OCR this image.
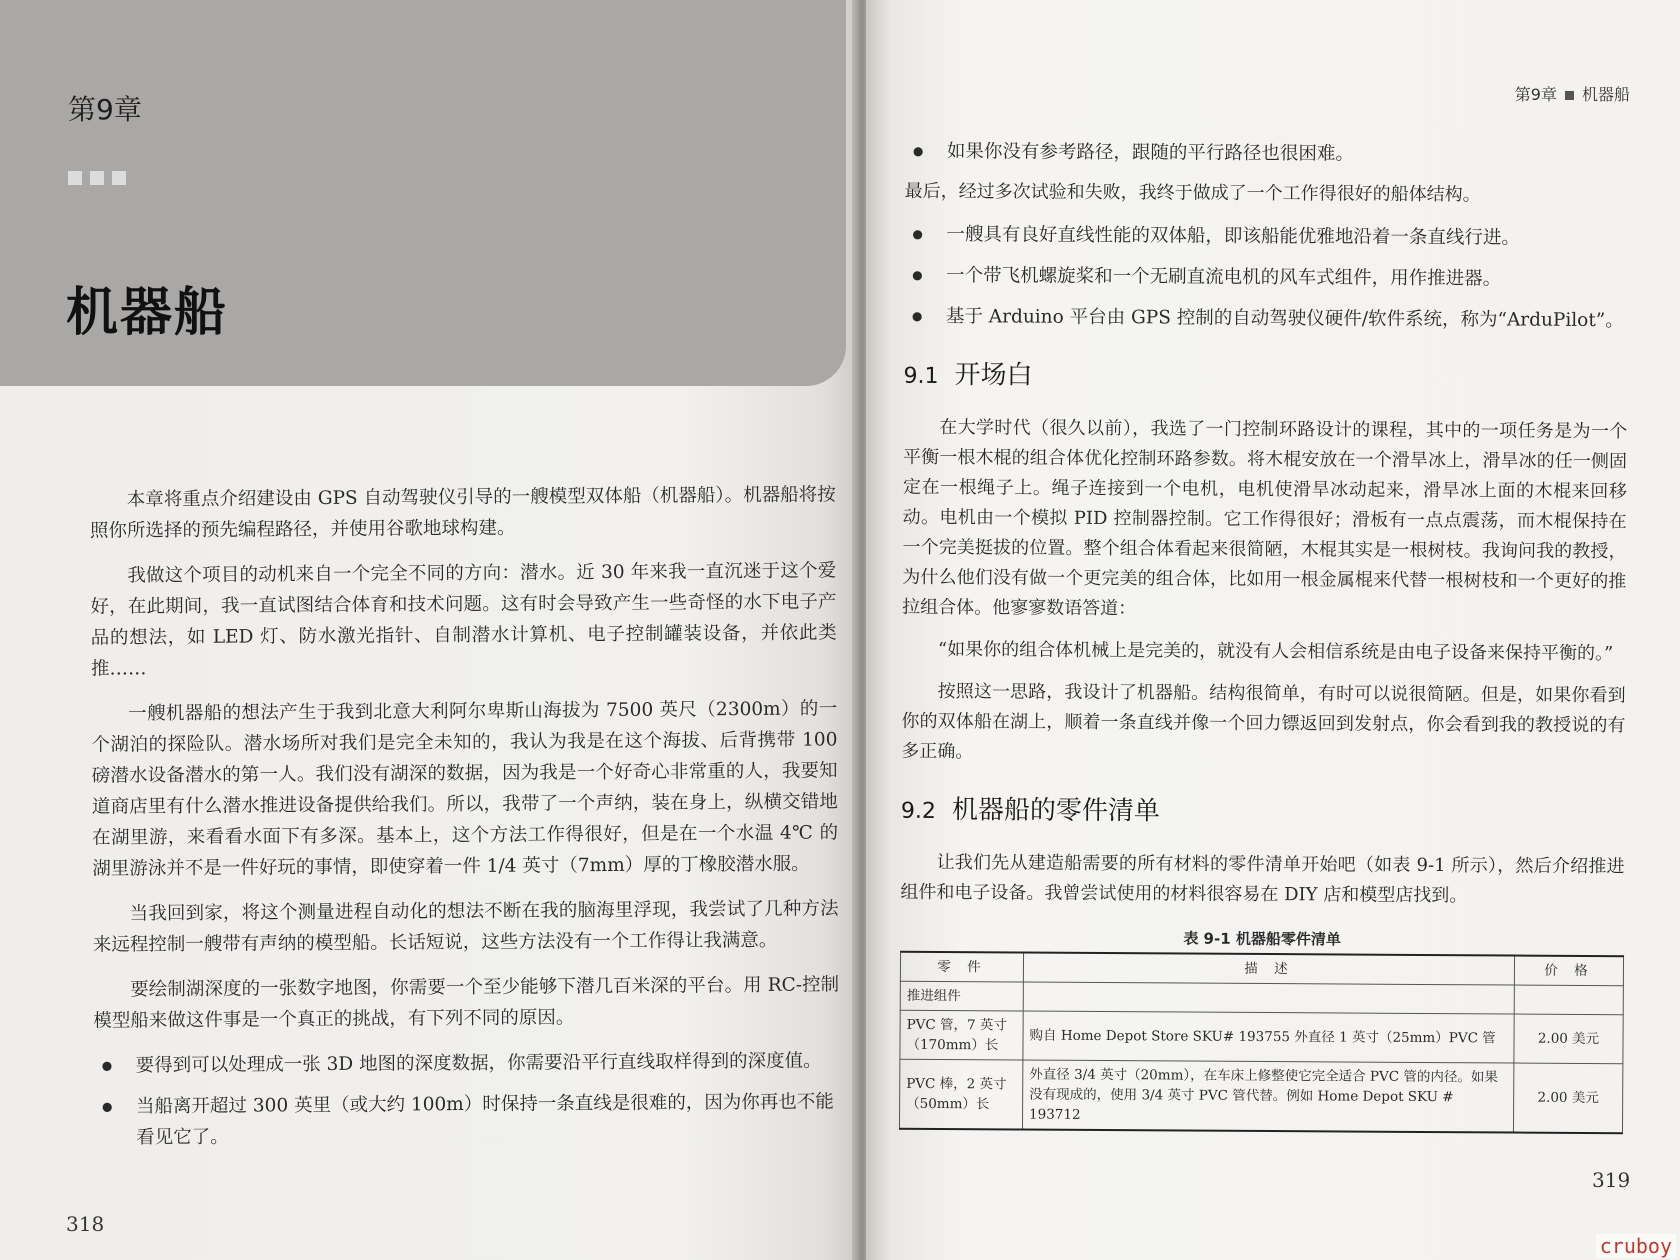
第9章
机器船

本章将重点介绍建设由 GPS 自动驾驶仪引导的一艘模型双体船（机器船）。机器船将按照你所选择的预先编程路径，并使用谷歌地球构建。

我做这个项目的动机来自一个完全不同的方向：潜水。近 30 年来我一直沉迷于这个爱好，在此期间，我一直试图结合体育和技术问题。这有时会导致产生一些奇怪的水下电子产品的想法，如 LED 灯、防水激光指针、自制潜水计算机、电子控制罐装设备，并依此类推……

一艘机器船的想法产生于我到北意大利阿尔卑斯山海拔为 7500 英尺（2300m）的一个湖泊的探险队。潜水场所对我们是完全未知的，我认为我是在这个海拔、后背携带 100 磅潜水设备潜水的第一人。我们没有湖深的数据，因为我是一个好奇心非常重的人，我要知道商店里有什么潜水推进设备提供给我们。所以，我带了一个声纳，装在身上，纵横交错地在湖里游，来看看水面下有多深。基本上，这个方法工作得很好，但是在一个水温 4℃ 的湖里游泳并不是一件好玩的事情，即使穿着一件 1/4 英寸（7mm）厚的丁橡胶潜水服。

当我回到家，将这个测量进程自动化的想法不断在我的脑海里浮现，我尝试了几种方法来远程控制一艘带有声纳的模型船。长话短说，这些方法没有一个工作得让我满意。

要绘制湖深度的一张数字地图，你需要一个至少能够下潜几百米深的平台。用 RC-控制模型船来做这件事是一个真正的挑战，有下列不同的原因。

● 要得到可以处理成一张 3D 地图的深度数据，你需要沿平行直线取样得到的深度值。
● 当船离开超过 300 英里（或大约 100m）时保持一条直线是很难的，因为你再也不能看见它了。
318
第9章 机器船
● 如果你没有参考路径，跟随的平行路径也很困难。

最后，经过多次试验和失败，我终于做成了一个工作得很好的船体结构。

● 一艘具有良好直线性能的双体船，即该船能优雅地沿着一条直线行进。
● 一个带飞机螺旋桨和一个无刷直流电机的风车式组件，用作推进器。
● 基于 Arduino 平台由 GPS 控制的自动驾驶仪硬件/软件系统，称为“ArduPilot”。
9.1 开场白

在大学时代（很久以前），我选了一门控制环路设计的课程，其中的一项任务是为一个平衡一根木棍的组合体优化控制环路参数。将木棍安放在一个滑旱冰上，滑旱冰的任一侧固定在一根绳子上。绳子连接到一个电机，电机使滑旱冰动起来，滑旱冰上面的木棍来回移动。电机由一个模拟 PID 控制器控制。它工作得很好；滑板有一点点震荡，而木棍保持在一个完美挺拔的位置。整个组合体看起来很简陋，木棍其实是一根树枝。我询问我的教授，为什么他们没有做一个更完美的组合体，比如用一根金属棍来代替一根树枝和一个更好的推拉组合体。他寥寥数语答道：

“如果你的组合体机械上是完美的，就没有人会相信系统是由电子设备来保持平衡的。”

按照这一思路，我设计了机器船。结构很简单，有时可以说很简陋。但是，如果你看到你的双体船在湖上，顺着一条直线并像一个回力镖返回到发射点，你会看到我的教授说的有多正确。

9.2 机器船的零件清单

让我们先从建造船需要的所有材料的零件清单开始吧（如表 9-1 所示），然后介绍推进组件和电子设备。我曾尝试使用的材料很容易在 DIY 店和模型店找到。

表 9-1 机器船零件清单
零 件	描 述	价 格
推进组件		
PVC 管，7 英寸（170mm）长	购自 Home Depot Store SKU# 193755 外直径 1 英寸（25mm）PVC 管	2.00 美元
PVC 棒，2 英寸（50mm）长	外直径 3/4 英寸（20mm），在车床上修整使它完全适合 PVC 管的内径。如果没有现成的，使用 3/4 英寸 PVC 管代替。例如 Home Depot SKU # 193712	2.00 美元
319
cruboy
